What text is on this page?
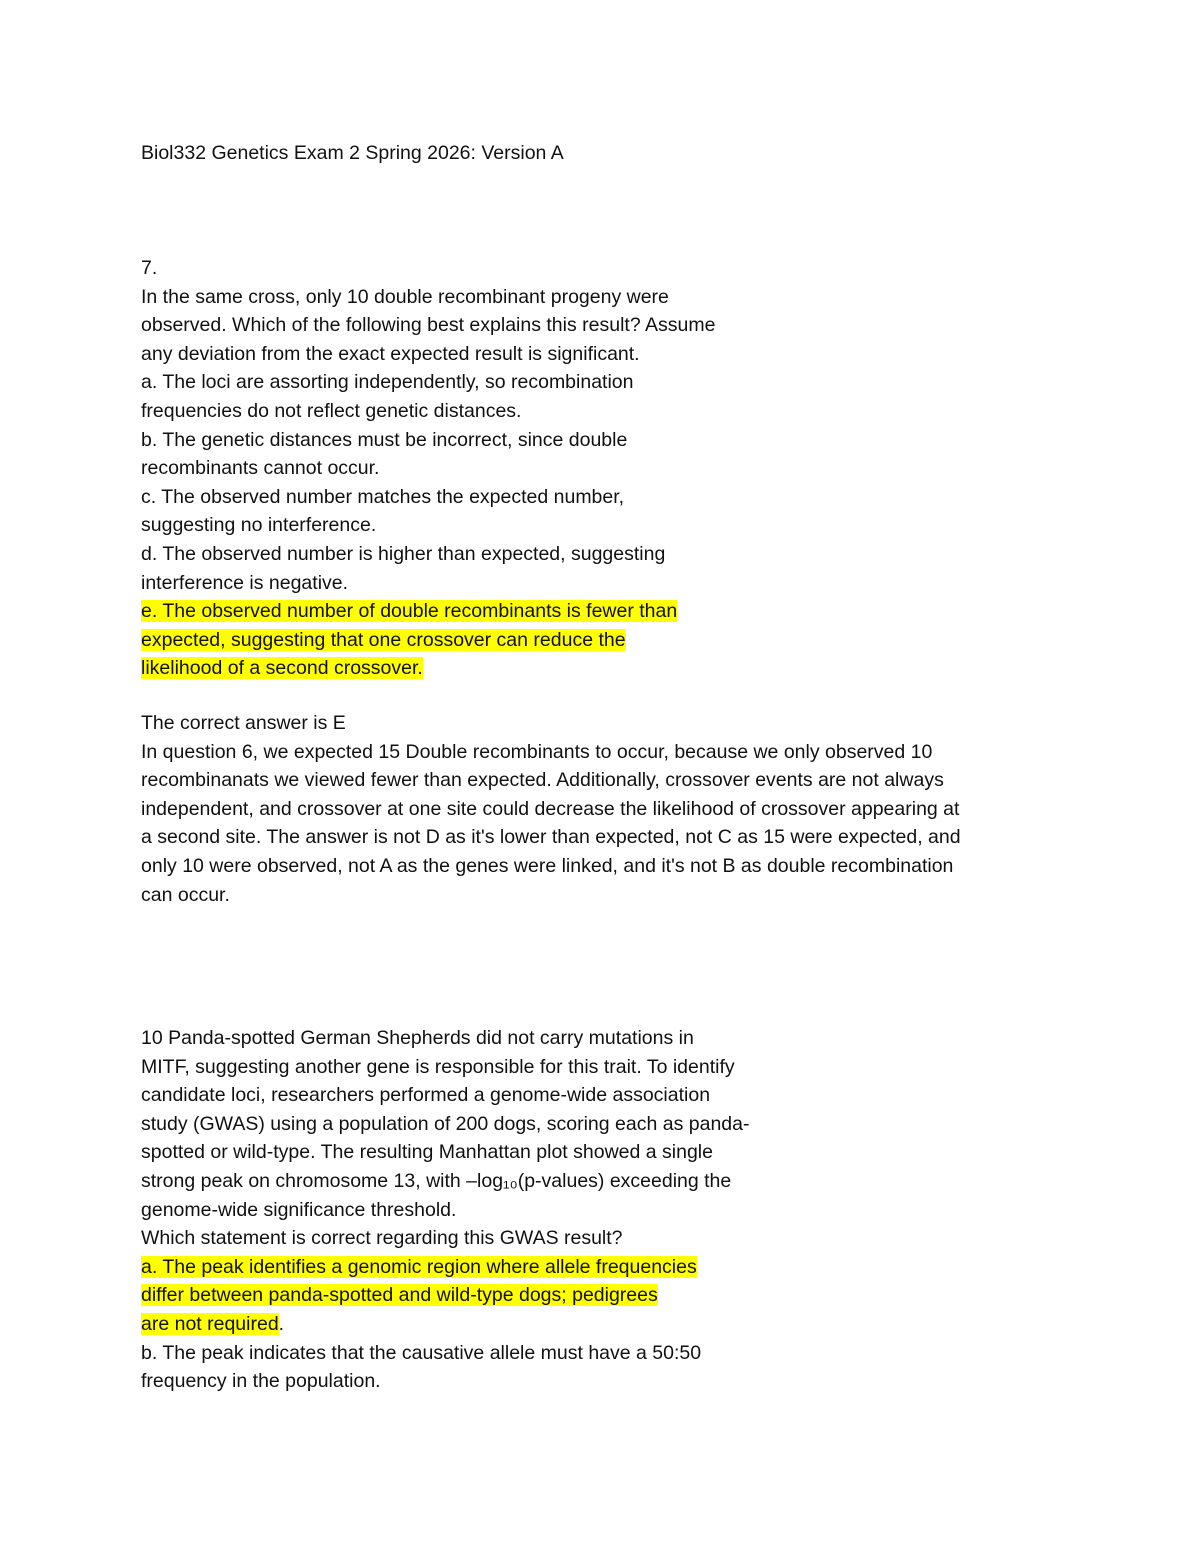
Biol332 Genetics Exam 2 Spring 2026: Version A
7.
In the same cross, only 10 double recombinant progeny were
observed. Which of the following best explains this result? Assume
any deviation from the exact expected result is significant.
a. The loci are assorting independently, so recombination
frequencies do not reflect genetic distances.
b. The genetic distances must be incorrect, since double
recombinants cannot occur.
c. The observed number matches the expected number,
suggesting no interference.
d. The observed number is higher than expected, suggesting
interference is negative.
e. The observed number of double recombinants is fewer than
expected, suggesting that one crossover can reduce the
likelihood of a second crossover.
The correct answer is E
In question 6, we expected 15 Double recombinants to occur, because we only observed 10
recombinanats we viewed fewer than expected. Additionally, crossover events are not always
independent, and crossover at one site could decrease the likelihood of crossover appearing at
a second site. The answer is not D as it's lower than expected, not C as 15 were expected, and
only 10 were observed, not A as the genes were linked, and it's not B as double recombination
can occur.
10 Panda-spotted German Shepherds did not carry mutations in
MITF, suggesting another gene is responsible for this trait. To identify
candidate loci, researchers performed a genome-wide association
study (GWAS) using a population of 200 dogs, scoring each as panda-
spotted or wild-type. The resulting Manhattan plot showed a single
strong peak on chromosome 13, with –log₁₀(p-values) exceeding the
genome-wide significance threshold.
Which statement is correct regarding this GWAS result?
a. The peak identifies a genomic region where allele frequencies
differ between panda-spotted and wild-type dogs; pedigrees
are not required.
b. The peak indicates that the causative allele must have a 50:50
frequency in the population.
